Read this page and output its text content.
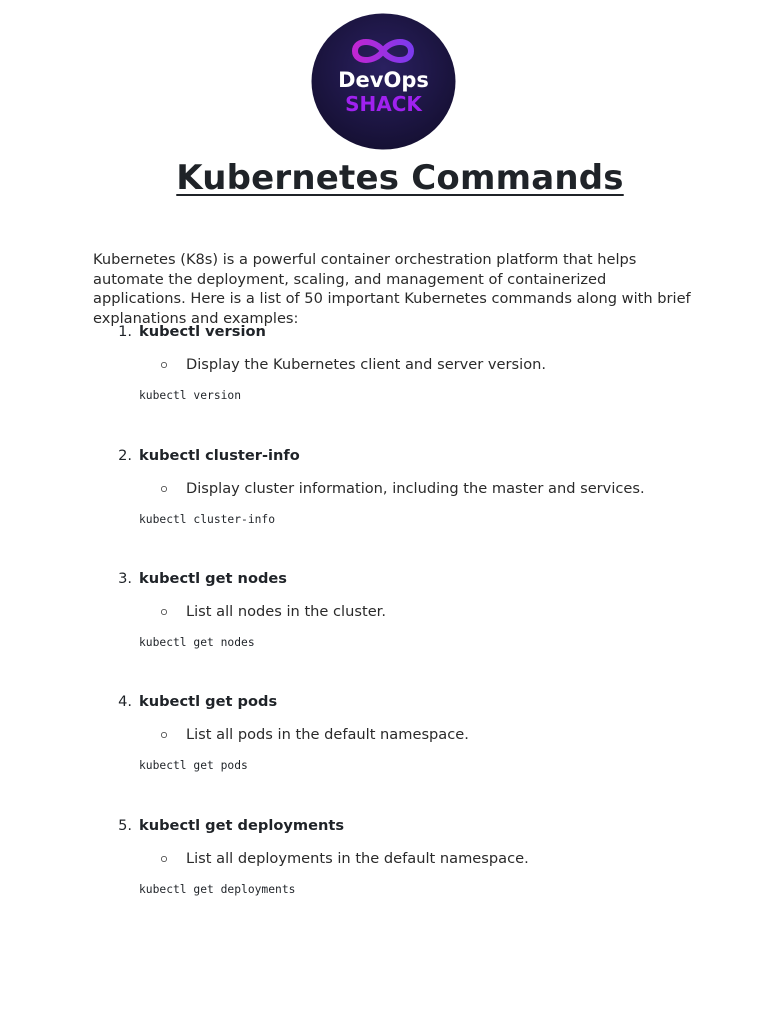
DevOps
SHACK
Kubernetes Commands

Kubernetes (K8s) is a powerful container orchestration platform that helps automate the deployment, scaling, and management of containerized applications. Here is a list of 50 important Kubernetes commands along with brief explanations and examples:

1. kubectl version
Display the Kubernetes client and server version.
kubectl version
2. kubectl cluster-info
Display cluster information, including the master and services.
kubectl cluster-info
3. kubectl get nodes
List all nodes in the cluster.
kubectl get nodes
4. kubectl get pods
List all pods in the default namespace.
kubectl get pods
5. kubectl get deployments
List all deployments in the default namespace.
kubectl get deployments
